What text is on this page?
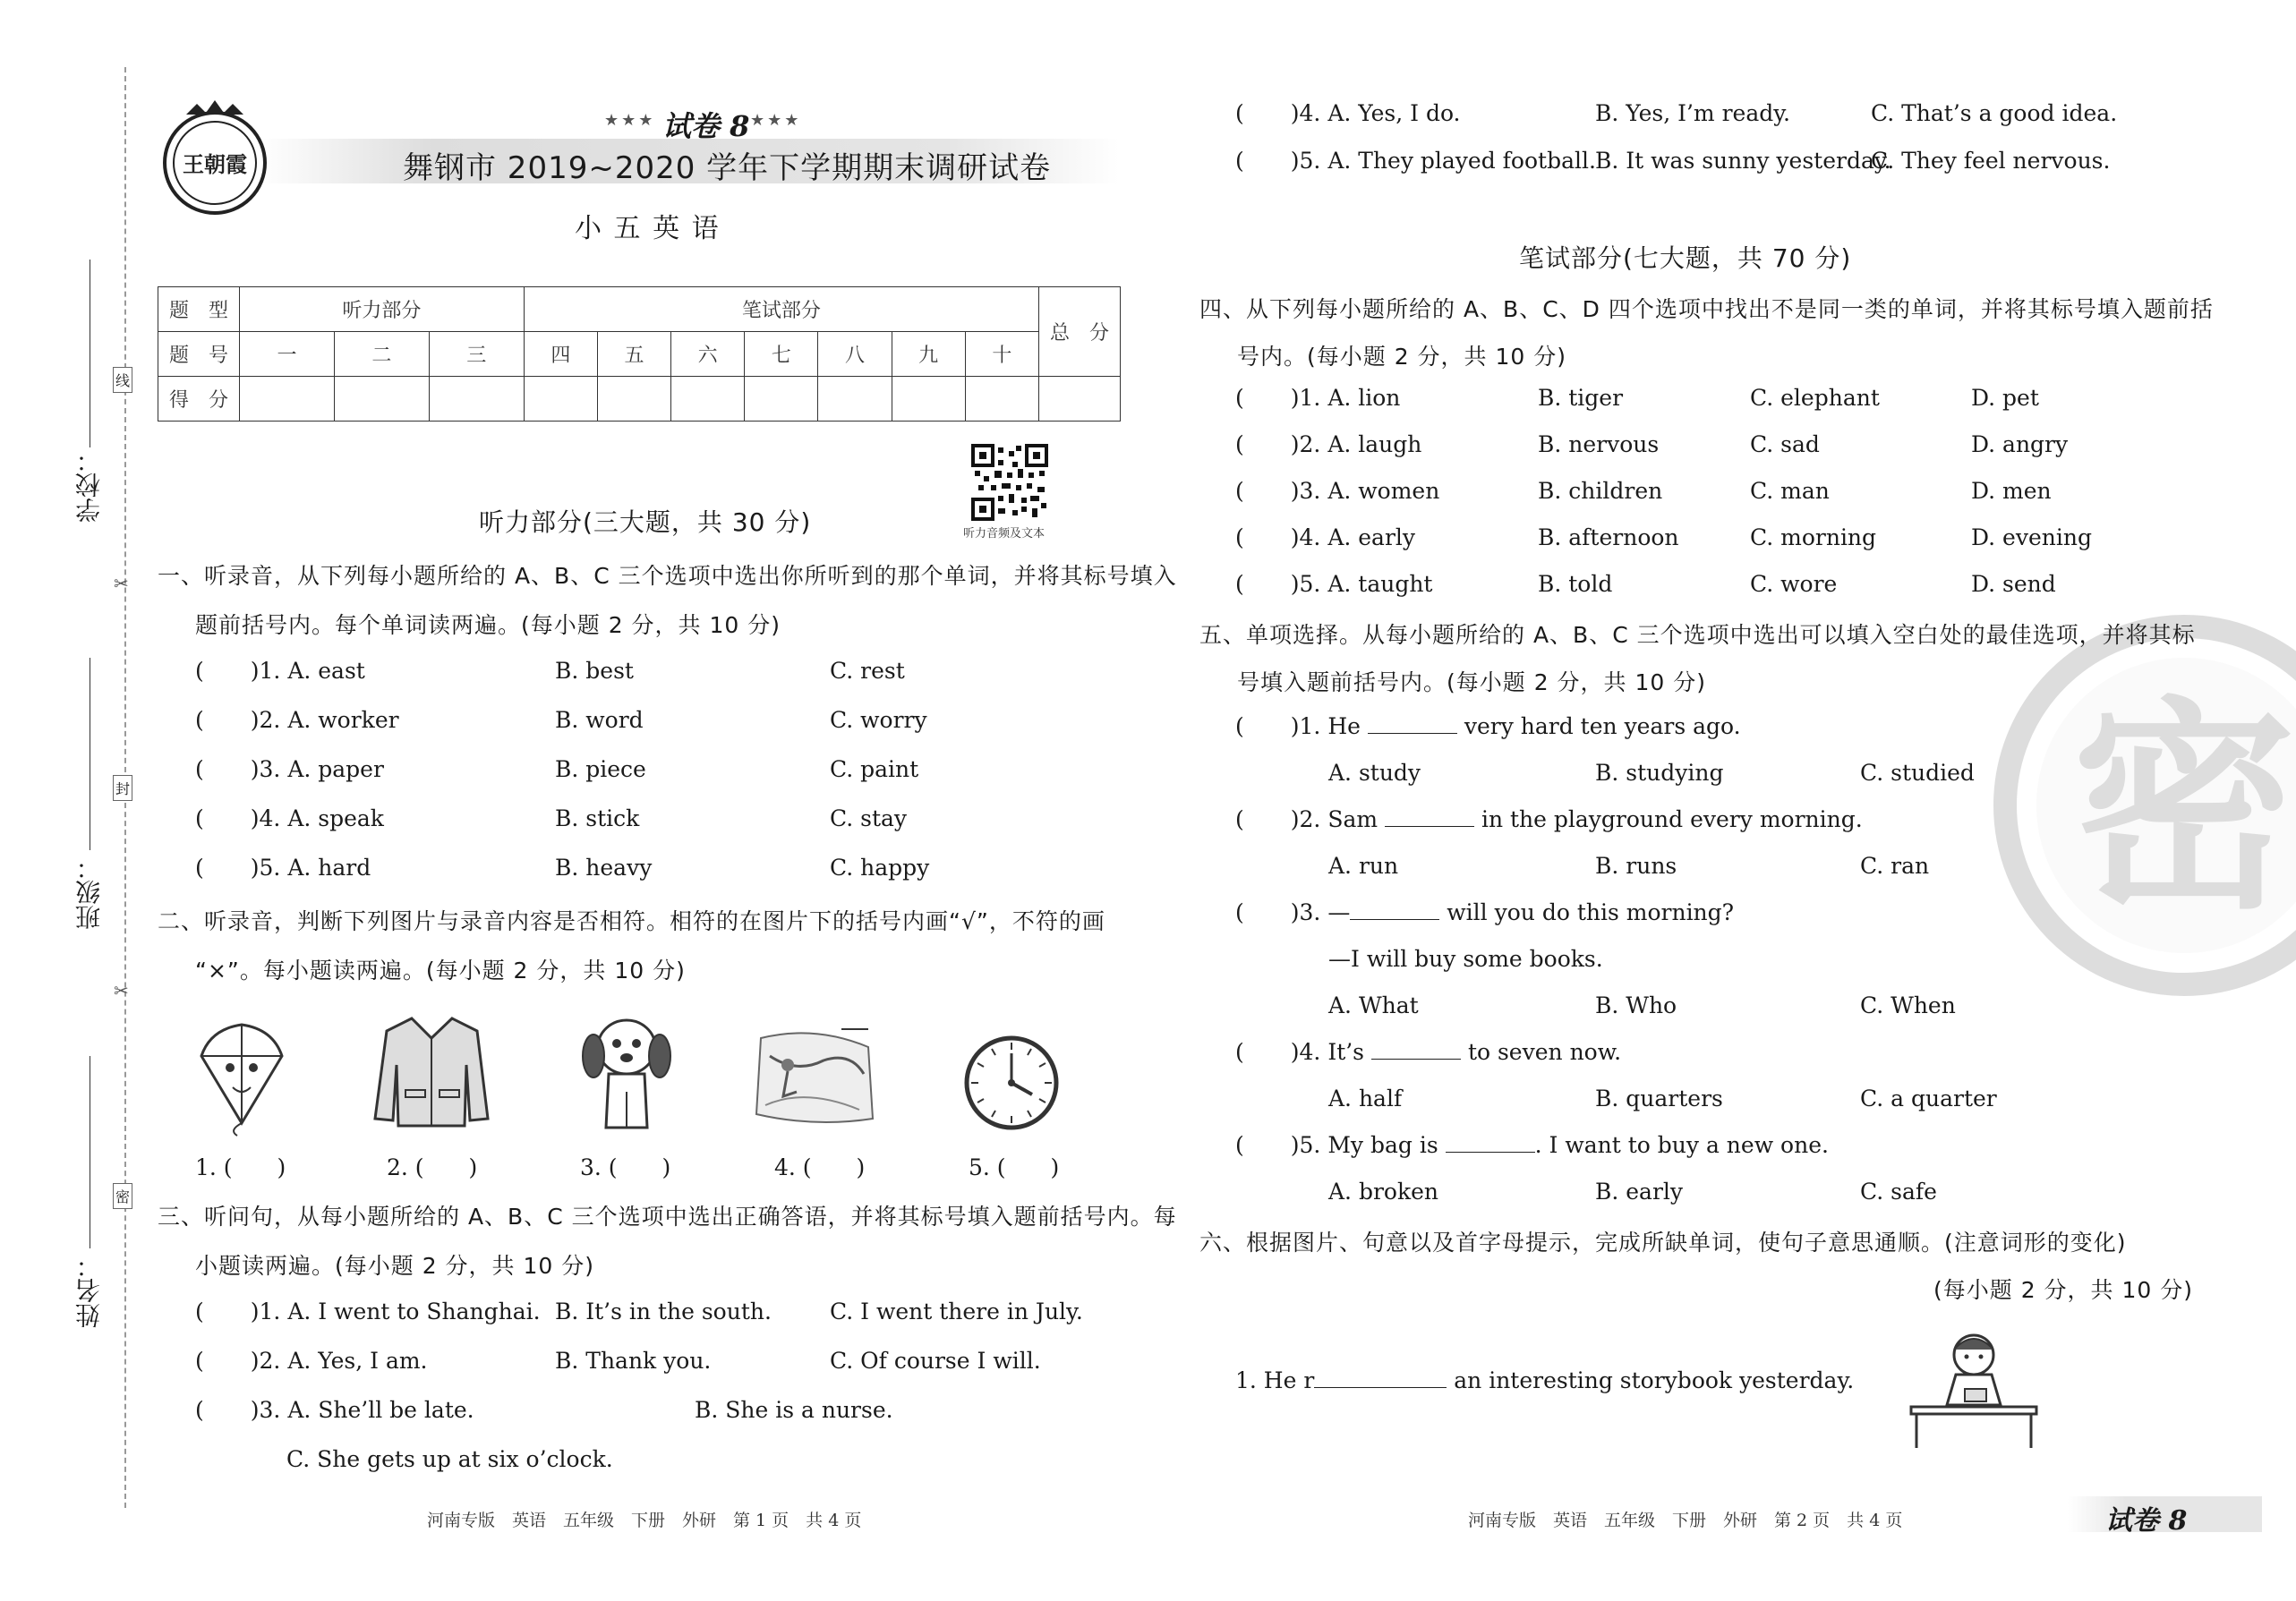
学校：
班级：
姓名：
线
封
密
✂
✂
王朝霞
★★★ 试卷 8 ★★★
舞钢市 2019~2020 学年下学期期末调研试卷
小 五 英 语
题　型	听力部分			笔试部分							总　分
题　号	一	二	三	四	五	六	七	八	九	十	
得　分											
听力音频及文本
听力部分(三大题，共 30 分)
一、听录音，从下列每小题所给的 A、B、C 三个选项中选出你所听到的那个单词，并将其标号填入
题前括号内。每个单词读两遍。(每小题 2 分，共 10 分)
( )1. A. east	B. best	C. rest
( )2. A. worker	B. word	C. worry
( )3. A. paper	B. piece	C. paint
( )4. A. speak	B. stick	C. stay
( )5. A. hard	B. heavy	C. happy
二、听录音，判断下列图片与录音内容是否相符。相符的在图片下的括号内画“√”，不符的画
“×”。每小题读两遍。(每小题 2 分，共 10 分)
1. (　　)	2. (　　)	3. (　　)	4. (　　)	5. (　　)
三、听问句，从每小题所给的 A、B、C 三个选项中选出正确答语，并将其标号填入题前括号内。每
小题读两遍。(每小题 2 分，共 10 分)
( )1. A. I went to Shanghai. B. It’s in the south.	C. I went there in July.
( )2. A. Yes, I am.	B. Thank you.	C. Of course I will.
( )3. A. She’ll be late.	B. She is a nurse.
C. She gets up at six o’clock.
河南专版　英语　五年级　下册　外研　第 1 页　共 4 页
密
( )4. A. Yes, I do.	B. Yes, I’m ready.	C. That’s a good idea.
( )5. A. They played football. B. It was sunny yesterday.
C. They feel nervous.
笔试部分(七大题，共 70 分)
四、从下列每小题所给的 A、B、C、D 四个选项中找出不是同一类的单词，并将其标号填入题前括
号内。(每小题 2 分，共 10 分)
( )1. A. lion	B. tiger	C. elephant	D. pet
( )2. A. laugh	B. nervous	C. sad	D. angry
( )3. A. women	B. children	C. man	D. men
( )4. A. early	B. afternoon	C. morning	D. evening
( )5. A. taught	B. told	C. wore	D. send
五、单项选择。从每小题所给的 A、B、C 三个选项中选出可以填入空白处的最佳选项，并将其标
号填入题前括号内。(每小题 2 分，共 10 分)
( )1. He	very hard ten years ago.
A. study	B. studying	C. studied
( )2. Sam	in the playground every morning.
A. run	B. runs	C. ran
( )3. —	will you do this morning?
—I will buy some books.
A. What	B. Who	C. When
( )4. It’s	to seven now.
A. half	B. quarters	C. a quarter
( )5. My bag is	. I want to buy a new one.
A. broken	B. early	C. safe
六、根据图片、句意以及首字母提示，完成所缺单词，使句子意思通顺。(注意词形的变化)
(每小题 2 分，共 10 分)
1. He r	an interesting storybook yesterday.
河南专版　英语　五年级　下册　外研　第 2 页　共 4 页	试卷 8
